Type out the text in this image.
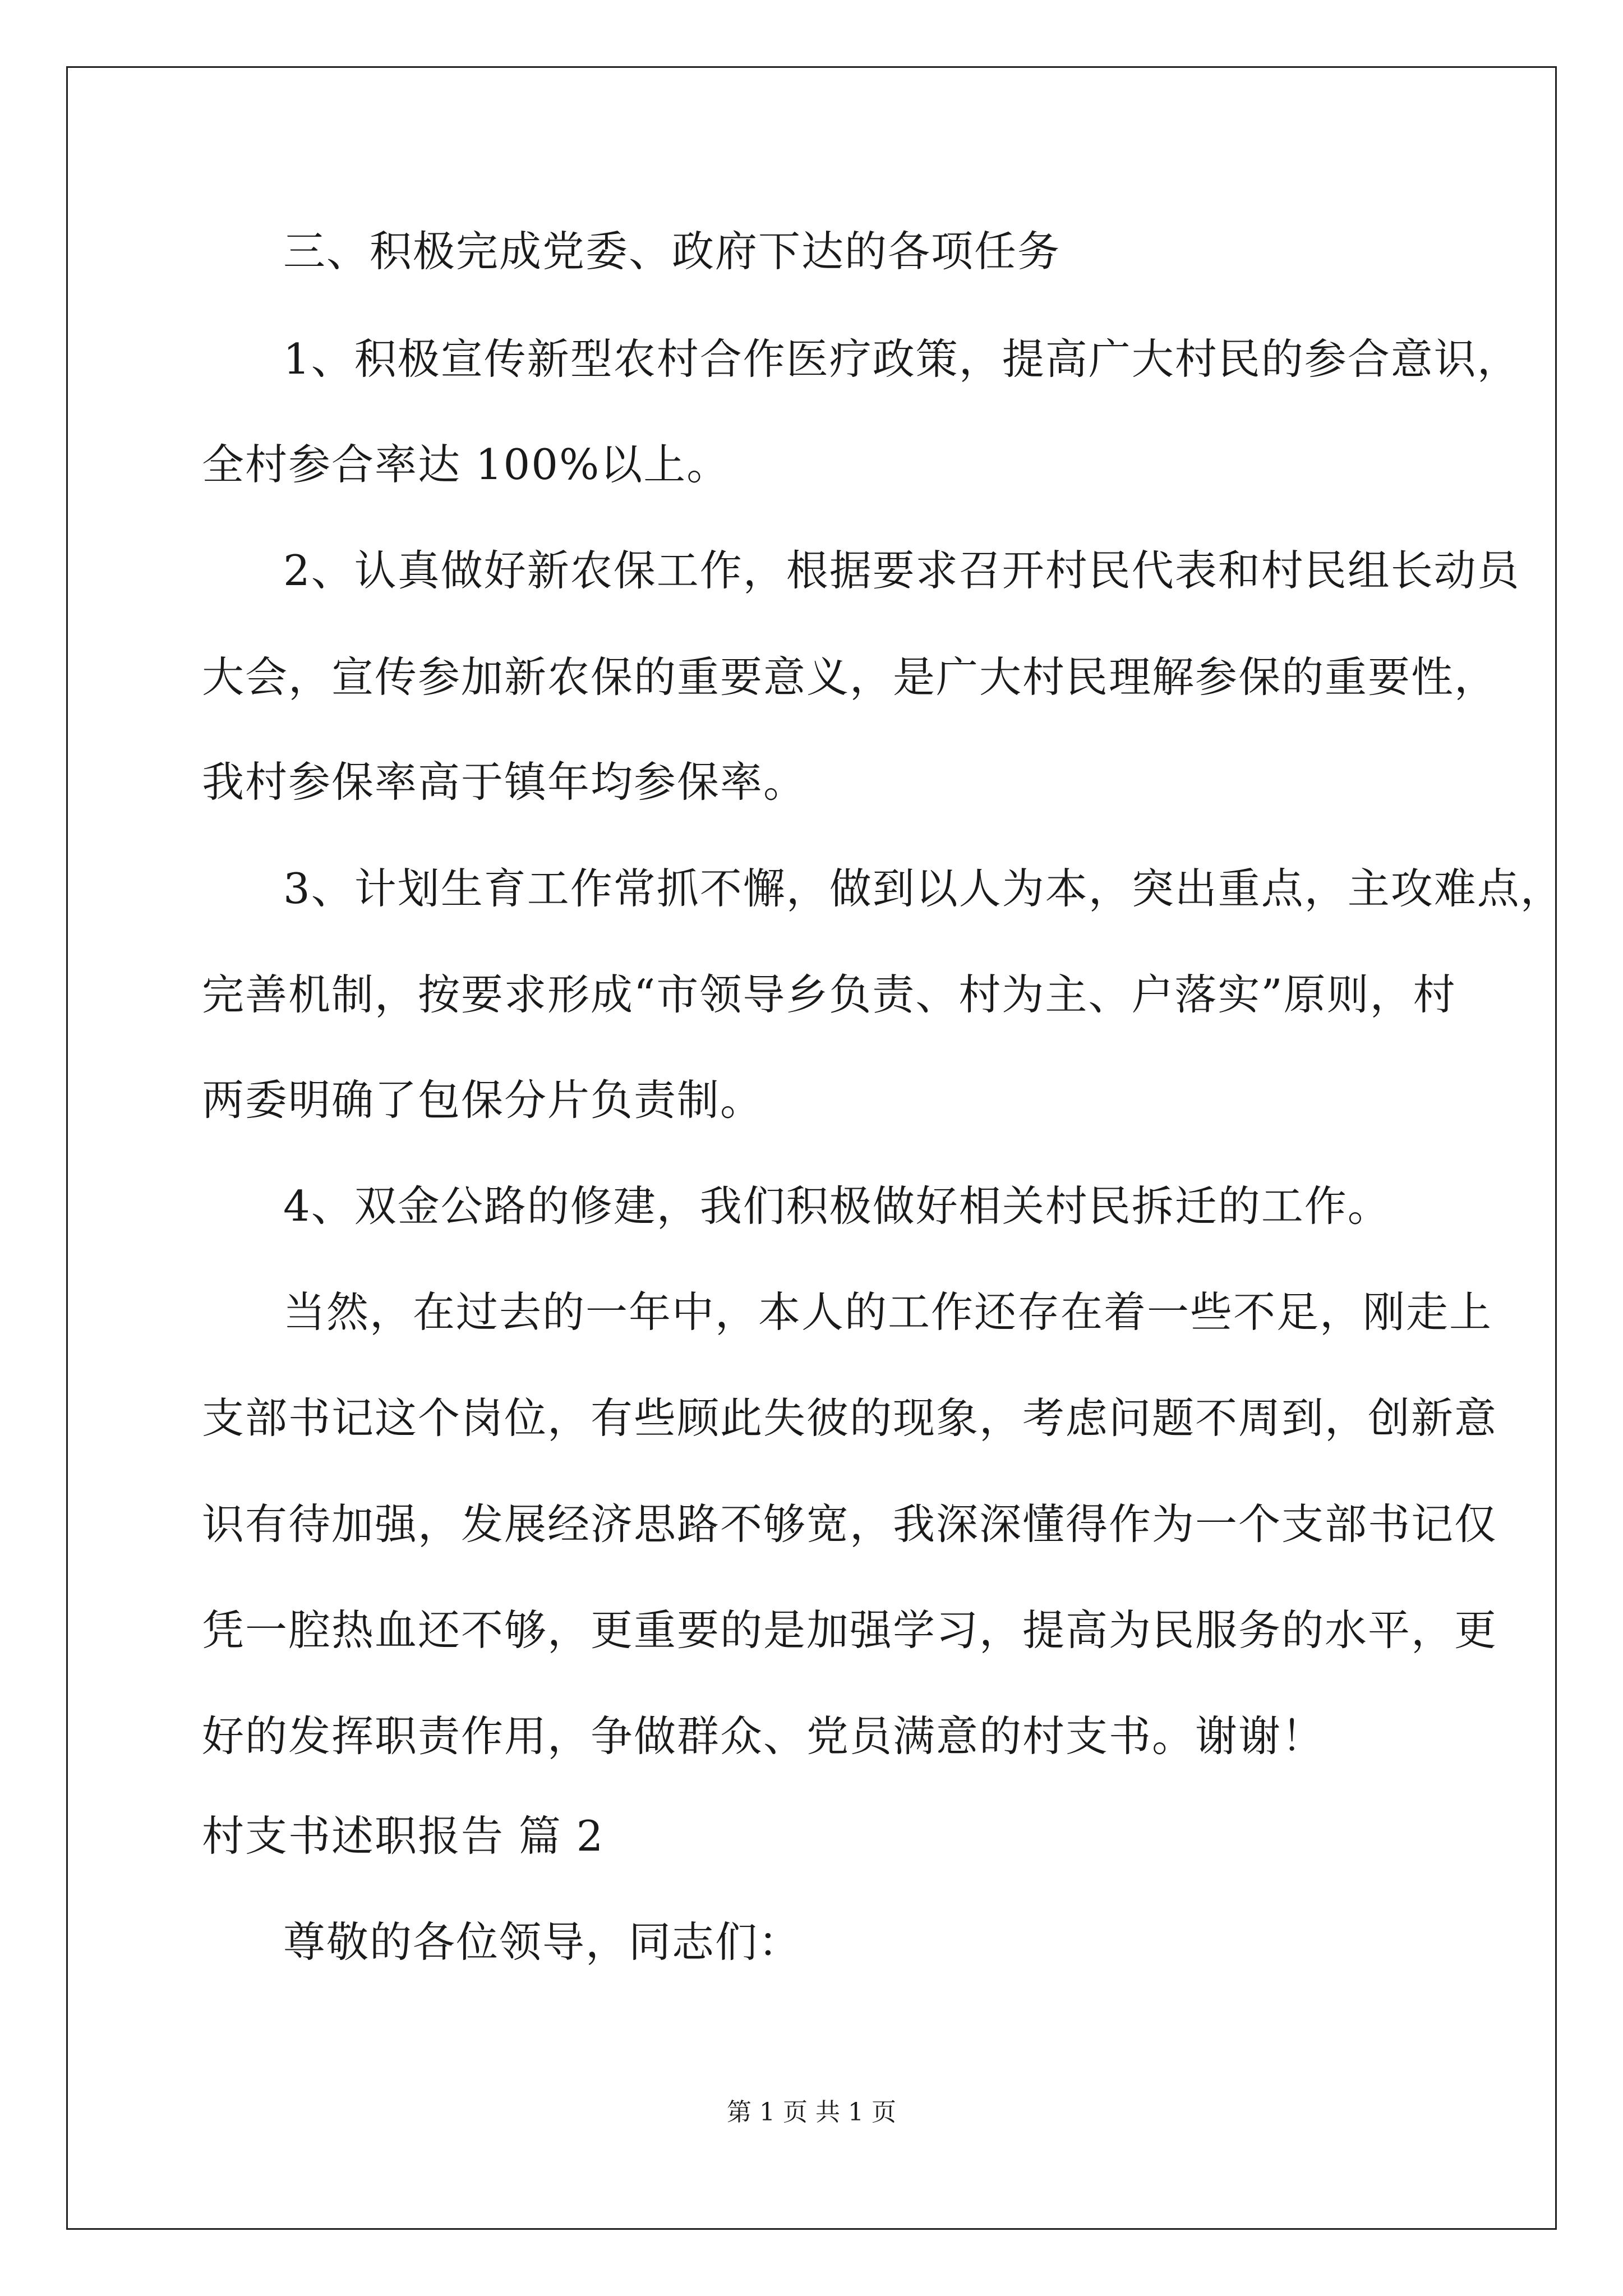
三、积极完成党委、政府下达的各项任务
1、积极宣传新型农村合作医疗政策，提高广大村民的参合意识，
全村参合率达 100%以上。
2、认真做好新农保工作，根据要求召开村民代表和村民组长动员
大会，宣传参加新农保的重要意义，是广大村民理解参保的重要性，
我村参保率高于镇年均参保率。
3、计划生育工作常抓不懈，做到以人为本，突出重点，主攻难点，
完善机制，按要求形成“市领导乡负责、村为主、户落实”原则，村
两委明确了包保分片负责制。
4、双金公路的修建，我们积极做好相关村民拆迁的工作。
当然，在过去的一年中，本人的工作还存在着一些不足，刚走上
支部书记这个岗位，有些顾此失彼的现象，考虑问题不周到，创新意
识有待加强，发展经济思路不够宽，我深深懂得作为一个支部书记仅
凭一腔热血还不够，更重要的是加强学习，提高为民服务的水平，更
好的发挥职责作用，争做群众、党员满意的村支书。谢谢！
村支书述职报告 篇 2
尊敬的各位领导，同志们：
第 1 页 共 1 页
